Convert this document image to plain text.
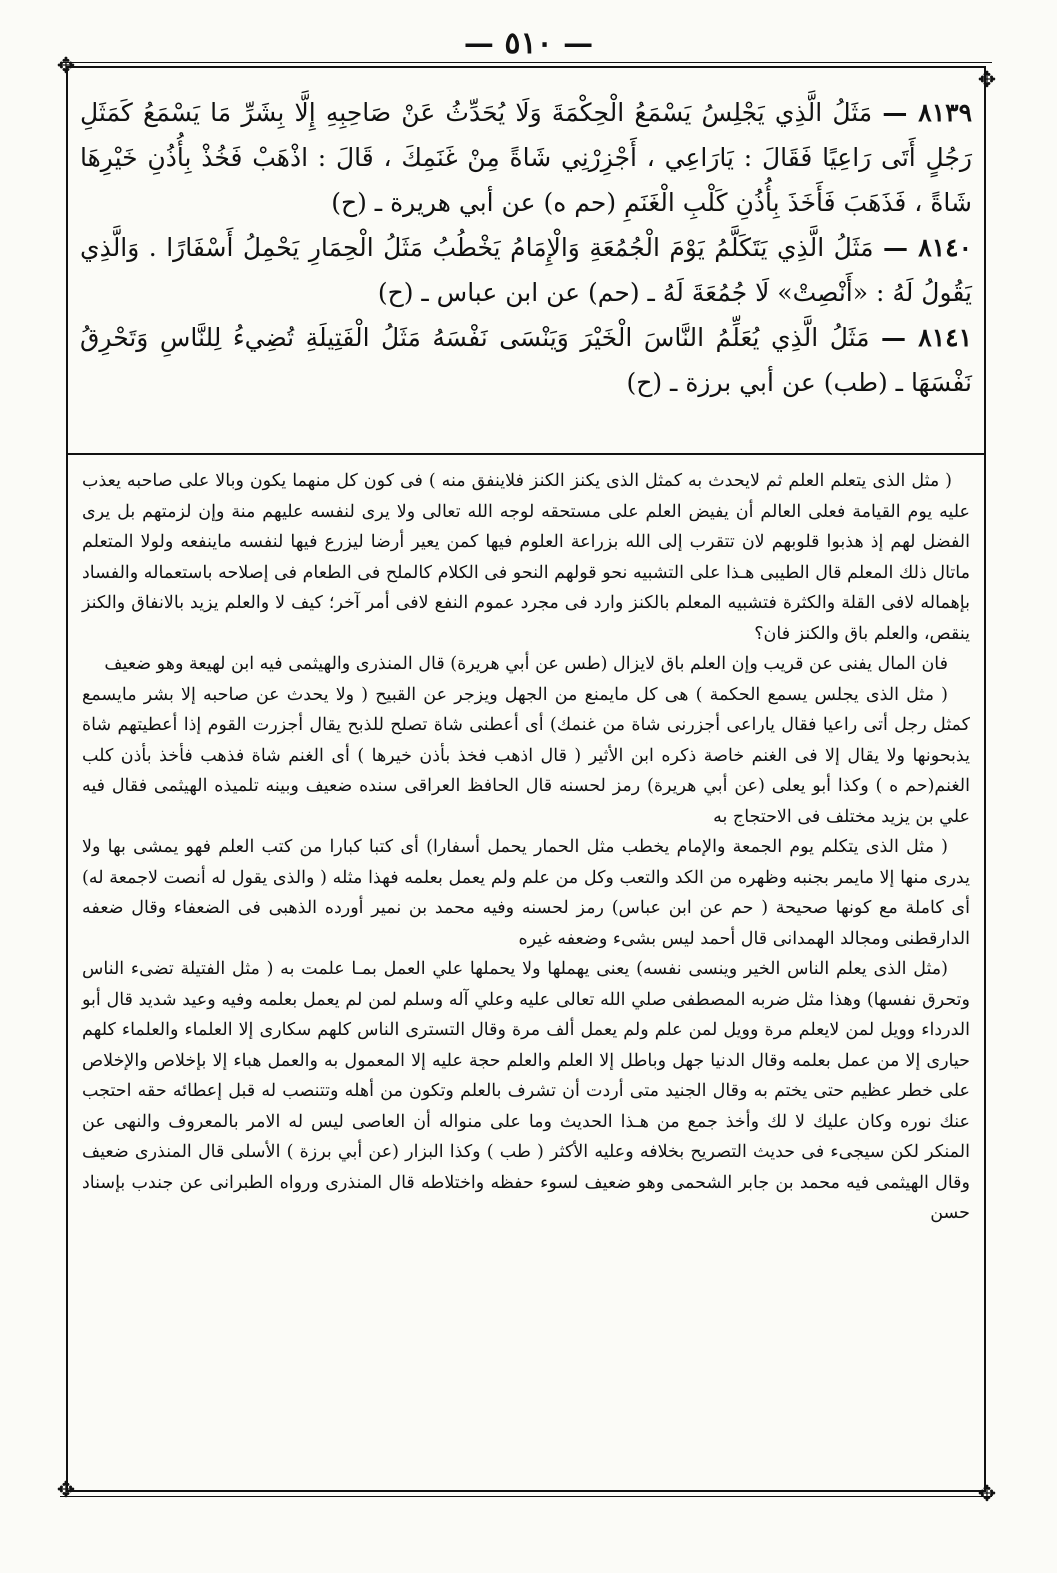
— ٥١٠ —
✥
✥
✥	✥

٨١٣٩ — مَثَلُ الَّذِي يَجْلِسُ يَسْمَعُ الْحِكْمَةَ وَلَا يُحَدِّثُ عَنْ صَاحِبِهِ إِلَّا بِشَرِّ مَا يَسْمَعُ كَمَثَلِ رَجُلٍ أَتَى رَاعِيًا فَقَالَ : يَارَاعِي ، أَجْزِرْنِي شَاةً مِنْ غَنَمِكَ ، قَالَ : اذْهَبْ فَخُذْ بِأُذُنِ خَيْرِهَا شَاةً ، فَذَهَبَ فَأَخَذَ بِأُذُنِ كَلْبِ الْغَنَمِ (حم ه) عن أبي هريرة ـ (ح)

٨١٤٠ — مَثَلُ الَّذِي يَتَكَلَّمُ يَوْمَ الْجُمُعَةِ وَالْإِمَامُ يَخْطُبُ مَثَلُ الْحِمَارِ يَحْمِلُ أَسْفَارًا . وَالَّذِي يَقُولُ لَهُ : «أَنْصِتْ» لَا جُمُعَةَ لَهُ ـ (حم) عن ابن عباس ـ (ح)

٨١٤١ — مَثَلُ الَّذِي يُعَلِّمُ النَّاسَ الْخَيْرَ وَيَنْسَى نَفْسَهُ مَثَلُ الْفَتِيلَةِ تُضِيءُ لِلنَّاسِ وَتَحْرِقُ نَفْسَهَا ـ (طب) عن أبي برزة ـ (ح)

( مثل الذى يتعلم العلم ثم لايحدث به كمثل الذى يكنز الكنز فلاينفق منه ) فى كون كل منهما يكون وبالا على صاحبه يعذب عليه يوم القيامة فعلى العالم أن يفيض العلم على مستحقه لوجه الله تعالى ولا يرى لنفسه عليهم منة وإن لزمتهم بل يرى الفضل لهم إذ هذبوا قلوبهم لان تتقرب إلى الله بزراعة العلوم فيها كمن يعير أرضا ليزرع فيها لنفسه ماينفعه ولولا المتعلم ماتال ذلك المعلم قال الطيبى هـذا على التشبيه نحو قولهم النحو فى الكلام كالملح فى الطعام فى إصلاحه باستعماله والفساد بإهماله لافى القلة والكثرة فتشبيه المعلم بالكنز وارد فى مجرد عموم النفع لافى أمر آخر؛ كيف لا والعلم يزيد بالانفاق والكنز ينقص، والعلم باق والكنز فان؟

فان المال يفنى عن قريب وإن العلم باق لايزال (طس عن أبي هريرة) قال المنذرى والهيثمى فيه ابن لهيعة وهو ضعيف

( مثل الذى يجلس يسمع الحكمة ) هى كل مايمنع من الجهل ويزجر عن القبيح ( ولا يحدث عن صاحبه إلا بشر مايسمع كمثل رجل أتى راعيا فقال ياراعى أجزرنى شاة من غنمك) أى أعطنى شاة تصلح للذبح يقال أجزرت القوم إذا أعطيتهم شاة يذبحونها ولا يقال إلا فى الغنم خاصة ذكره ابن الأثير ( قال اذهب فخذ بأذن خيرها ) أى الغنم شاة فذهب فأخذ بأذن كلب الغنم(حم ه ) وكذا أبو يعلى (عن أبي هريرة) رمز لحسنه قال الحافظ العراقى سنده ضعيف وبينه تلميذه الهيثمى فقال فيه علي بن يزيد مختلف فى الاحتجاج به

( مثل الذى يتكلم يوم الجمعة والإمام يخطب مثل الحمار يحمل أسفارا) أى كتبا كبارا من كتب العلم فهو يمشى بها ولا يدرى منها إلا مايمر بجنبه وظهره من الكد والتعب وكل من علم ولم يعمل بعلمه فهذا مثله ( والذى يقول له أنصت لاجمعة له) أى كاملة مع كونها صحيحة ( حم عن ابن عباس) رمز لحسنه وفيه محمد بن نمير أورده الذهبى فى الضعفاء وقال ضعفه الدارقطنى ومجالد الهمدانى قال أحمد ليس بشىء وضعفه غيره

(مثل الذى يعلم الناس الخير وينسى نفسه) يعنى يهملها ولا يحملها علي العمل بمـا علمت به ( مثل الفتيلة تضىء الناس وتحرق نفسها) وهذا مثل ضربه المصطفى صلي الله تعالى عليه وعلي آله وسلم لمن لم يعمل بعلمه وفيه وعيد شديد قال أبو الدرداء وويل لمن لايعلم مرة وويل لمن علم ولم يعمل ألف مرة وقال التسترى الناس كلهم سكارى إلا العلماء والعلماء كلهم حيارى إلا من عمل بعلمه وقال الدنيا جهل وباطل إلا العلم والعلم حجة عليه إلا المعمول به والعمل هباء إلا بإخلاص والإخلاص على خطر عظيم حتى يختم به وقال الجنيد متى أردت أن تشرف بالعلم وتكون من أهله وتتنصب له قبل إعطائه حقه احتجب عنك نوره وكان عليك لا لك وأخذ جمع من هـذا الحديث وما على منواله أن العاصى ليس له الامر بالمعروف والنهى عن المنكر لكن سيجىء فى حديث التصريح بخلافه وعليه الأكثر ( طب ) وكذا البزار (عن أبي برزة ) الأسلى قال المنذرى ضعيف وقال الهيثمى فيه محمد بن جابر الشحمى وهو ضعيف لسوء حفظه واختلاطه قال المنذرى ورواه الطبرانى عن جندب بإسناد حسن
